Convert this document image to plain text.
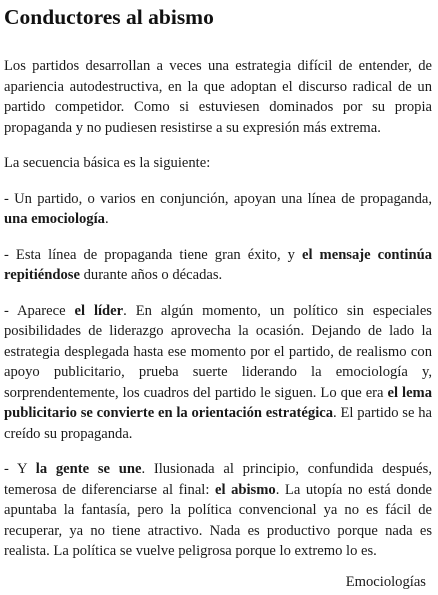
Conductores al abismo

Los partidos desarrollan a veces una estrategia difícil de entender, de apariencia autodestructiva, en la que adoptan el discurso radical de un partido competidor. Como si estuviesen dominados por su propia propaganda y no pudiesen resistirse a su expresión más extrema.

La secuencia básica es la siguiente:

- Un partido, o varios en conjunción, apoyan una línea de propaganda, una emociología.

- Esta línea de propaganda tiene gran éxito, y el mensaje continúa repitiéndose durante años o décadas.

- Aparece el líder. En algún momento, un político sin especiales posibilidades de liderazgo aprovecha la ocasión. Dejando de lado la estrategia desplegada hasta ese momento por el partido, de realismo con apoyo publicitario, prueba suerte liderando la emociología y, sorprendentemente, los cuadros del partido le siguen. Lo que era el lema publicitario se convierte en la orientación estratégica. El partido se ha creído su propaganda.

- Y la gente se une. Ilusionada al principio, confundida después, temerosa de diferenciarse al final: el abismo. La utopía no está donde apuntaba la fantasía, pero la política convencional ya no es fácil de recuperar, ya no tiene atractivo. Nada es productivo porque nada es realista. La política se vuelve peligrosa porque lo extremo lo es.

Emociologías
